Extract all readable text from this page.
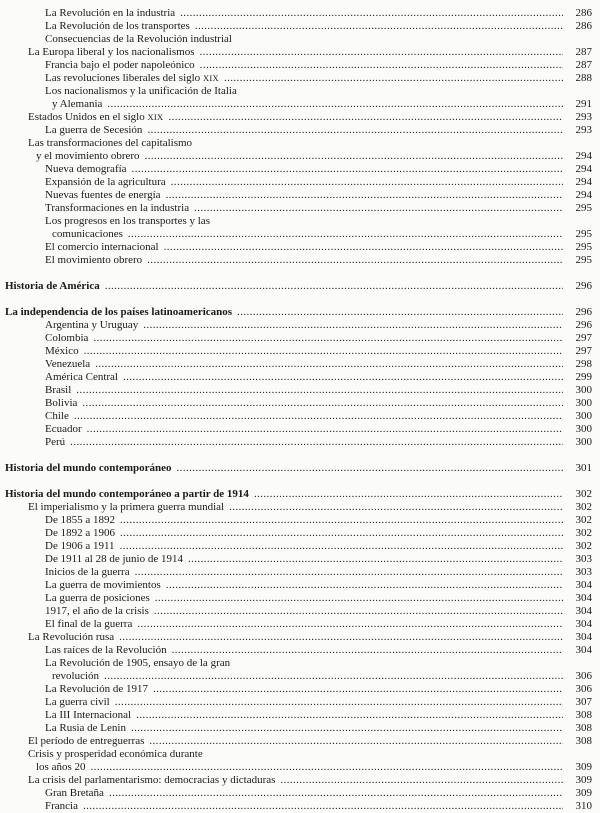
La Revolución en la industria .....	286
La Revolución de los transportes .....	286
Consecuencias de la Revolución industrial
La Europa liberal y los nacionalismos .....	287
Francia bajo el poder napoleónico .....	287
Las revoluciones liberales del siglo XIX .....	288
Los nacionalismos y la unificación de Italia
y Alemania .....	291
Estados Unidos en el siglo XIX .....	293
La guerra de Secesión .....	293
Las transformaciones del capitalismo
y el movimiento obrero .....	294
Nueva demografía .....	294
Expansión de la agricultura .....	294
Nuevas fuentes de energía .....	294
Transformaciones en la industria .....	295
Los progresos en los transportes y las
comunicaciones .....	295
El comercio internacional .....	295
El movimiento obrero .....	295
Historia de América .....	296
La independencia de los países latinoamericanos .....	296
Argentina y Uruguay .....	296
Colombia .....	297
México .....	297
Venezuela .....	298
América Central .....	299
Brasil .....	300
Bolivia .....	300
Chile .....	300
Ecuador .....	300
Perú .....	300
Historia del mundo contemporáneo .....	301
Historia del mundo contemporáneo a partir de 1914 .....	302
El imperialismo y la primera guerra mundial .....	302
De 1855 a 1892 .....	302
De 1892 a 1906 .....	302
De 1906 a 1911 .....	302
De 1911 al 28 de junio de 1914 .....	303
Inicios de la guerra .....	303
La guerra de movimientos .....	304
La guerra de posiciones .....	304
1917, el año de la crisis .....	304
El final de la guerra .....	304
La Revolución rusa .....	304
Las raíces de la Revolución .....	304
La Revolución de 1905, ensayo de la gran
revolución .....	306
La Revolución de 1917 .....	306
La guerra civil .....	307
La III Internacional .....	308
La Rusia de Lenin .....	308
El período de entreguerras .....	308
Crisis y prosperidad económica durante
los años 20 .....	309
La crisis del parlamentarismo: democracias y dictaduras .....	309
Gran Bretaña .....	309
Francia .....	310
